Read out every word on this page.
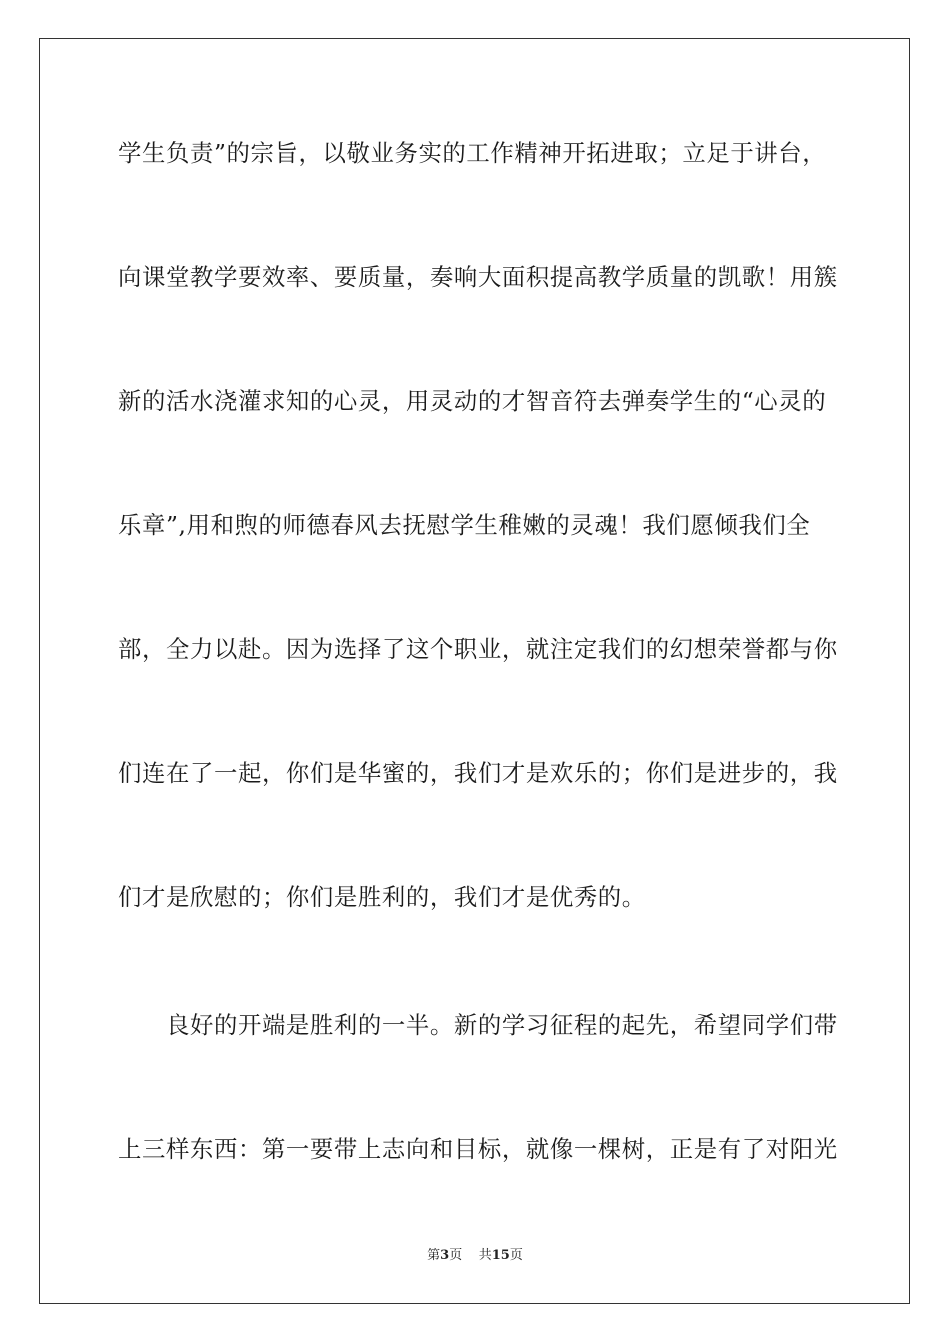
学生负责”的宗旨，以敬业务实的工作精神开拓进取；立足于讲台，
向课堂教学要效率、要质量，奏响大面积提高教学质量的凯歌！用簇
新的活水浇灌求知的心灵，用灵动的才智音符去弹奏学生的“心灵的
乐章”,用和煦的师德春风去抚慰学生稚嫩的灵魂！我们愿倾我们全
部，全力以赴。因为选择了这个职业，就注定我们的幻想荣誉都与你
们连在了一起，你们是华蜜的，我们才是欢乐的；你们是进步的，我
们才是欣慰的；你们是胜利的，我们才是优秀的。
　　良好的开端是胜利的一半。新的学习征程的起先，希望同学们带
上三样东西：第一要带上志向和目标，就像一棵树，正是有了对阳光
第3页 共15页
